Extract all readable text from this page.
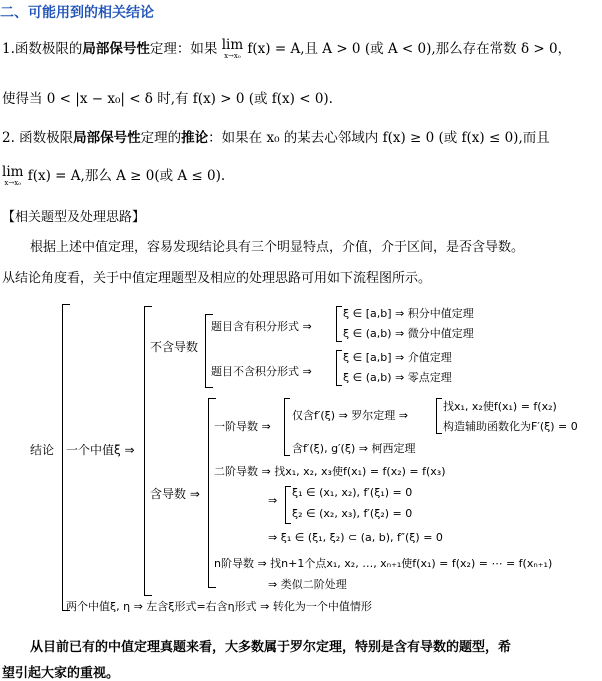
二、可能用到的相关结论
1.函数极限的局部保号性定理：如果 lim
x→x₀ f(x) = A,且 A > 0 (或 A < 0),那么存在常数 δ > 0，
使得当 0 < |x − x₀| < δ 时,有 f(x) > 0 (或 f(x) < 0).
2. 函数极限局部保号性定理的推论：如果在 x₀ 的某去心邻域内 f(x) ≥ 0 (或 f(x) ≤ 0),而且
lim
x→x₀ f(x) = A,那么 A ≥ 0(或 A ≤ 0).
【相关题型及处理思路】
根据上述中值定理，容易发现结论具有三个明显特点，介值，介于区间，是否含导数。
从结论角度看，关于中值定理题型及相应的处理思路可用如下流程图所示。
结论 一个中值ξ ⇒
不含导数
题目含有积分形式 ⇒
ξ ∈ [a,b] ⇒ 积分中值定理
ξ ∈ (a,b) ⇒ 微分中值定理
题目不含积分形式 ⇒
ξ ∈ [a,b] ⇒ 介值定理
ξ ∈ (a,b) ⇒ 零点定理
含导数 ⇒
一阶导数 ⇒
仅含f′(ξ) ⇒ 罗尔定理 ⇒
找x₁, x₂使f(x₁) = f(x₂)
构造辅助函数化为F′(ξ) = 0
含f′(ξ), g′(ξ) ⇒ 柯西定理
二阶导数 ⇒ 找x₁, x₂, x₃使f(x₁) = f(x₂) = f(x₃)
⇒
ξ₁ ∈ (x₁, x₂), f′(ξ₁) = 0
ξ₂ ∈ (x₂, x₃), f′(ξ₂) = 0
⇒ ξ₁ ∈ (ξ₁, ξ₂) ⊂ (a, b), f″(ξ) = 0
n阶导数 ⇒ 找n+1个点x₁, x₂, …, xₙ₊₁使f(x₁) = f(x₂) = ⋯ = f(xₙ₊₁)
⇒ 类似二阶处理
两个中值ξ, η ⇒ 左含ξ形式=右含η形式 ⇒ 转化为一个中值情形
从目前已有的中值定理真题来看，大多数属于罗尔定理，特别是含有导数的题型，希
望引起大家的重视。
